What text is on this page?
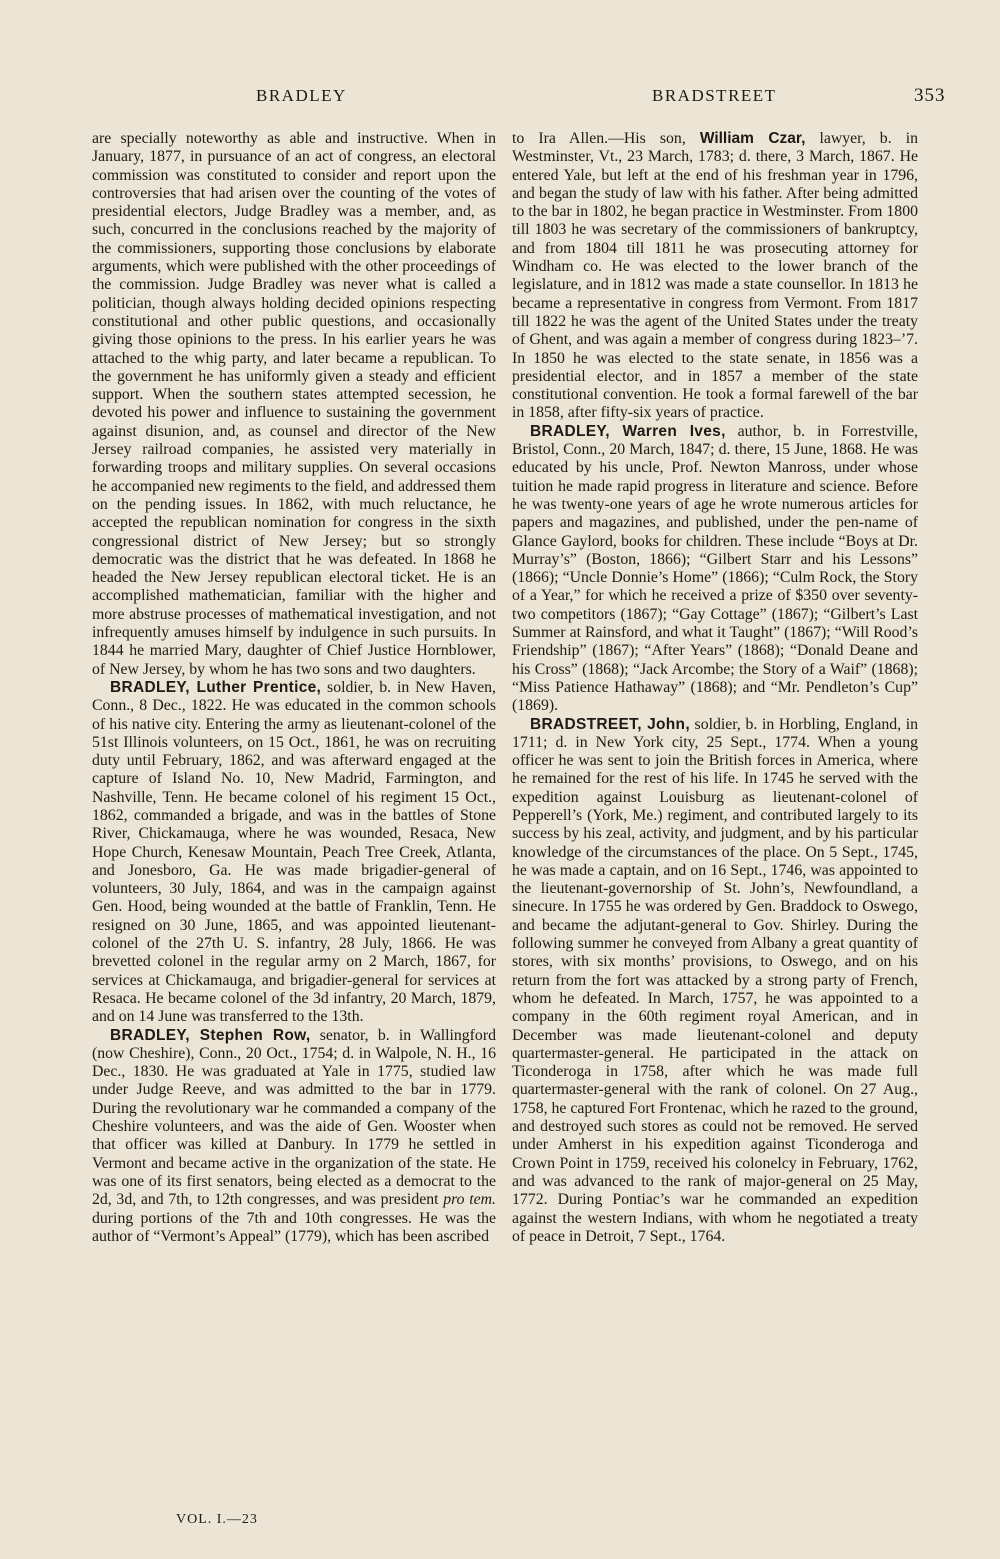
BRADLEY	BRADSTREET	353

are specially noteworthy as able and instructive. When in January, 1877, in pursuance of an act of congress, an electoral commission was constituted to consider and report upon the controversies that had arisen over the counting of the votes of presidential electors, Judge Bradley was a member, and, as such, concurred in the conclusions reached by the majority of the commissioners, supporting those conclusions by elaborate arguments, which were published with the other proceedings of the commission. Judge Bradley was never what is called a politician, though always holding decided opinions respecting constitutional and other public questions, and occasionally giving those opinions to the press. In his earlier years he was attached to the whig party, and later became a republican. To the government he has uniformly given a steady and efficient support. When the southern states attempted secession, he devoted his power and influence to sustaining the government against disunion, and, as counsel and director of the New Jersey railroad companies, he assisted very materially in forwarding troops and military supplies. On several occasions he accompanied new regiments to the field, and addressed them on the pending issues. In 1862, with much reluctance, he accepted the republican nomination for congress in the sixth congressional district of New Jersey; but so strongly democratic was the district that he was defeated. In 1868 he headed the New Jersey republican electoral ticket. He is an accomplished mathematician, familiar with the higher and more abstruse processes of mathematical investigation, and not infrequently amuses himself by indulgence in such pursuits. In 1844 he married Mary, daughter of Chief Justice Hornblower, of New Jersey, by whom he has two sons and two daughters.

BRADLEY, Luther Prentice, soldier, b. in New Haven, Conn., 8 Dec., 1822. He was educated in the common schools of his native city. Entering the army as lieutenant-colonel of the 51st Illinois volunteers, on 15 Oct., 1861, he was on recruiting duty until February, 1862, and was afterward engaged at the capture of Island No. 10, New Madrid, Farmington, and Nashville, Tenn. He became colonel of his regiment 15 Oct., 1862, commanded a brigade, and was in the battles of Stone River, Chickamauga, where he was wounded, Resaca, New Hope Church, Kenesaw Mountain, Peach Tree Creek, Atlanta, and Jonesboro, Ga. He was made brigadier-general of volunteers, 30 July, 1864, and was in the campaign against Gen. Hood, being wounded at the battle of Franklin, Tenn. He resigned on 30 June, 1865, and was appointed lieutenant-colonel of the 27th U. S. infantry, 28 July, 1866. He was brevetted colonel in the regular army on 2 March, 1867, for services at Chickamauga, and brigadier-general for services at Resaca. He became colonel of the 3d infantry, 20 March, 1879, and on 14 June was transferred to the 13th.

BRADLEY, Stephen Row, senator, b. in Wallingford (now Cheshire), Conn., 20 Oct., 1754; d. in Walpole, N. H., 16 Dec., 1830. He was graduated at Yale in 1775, studied law under Judge Reeve, and was admitted to the bar in 1779. During the revolutionary war he commanded a company of the Cheshire volunteers, and was the aide of Gen. Wooster when that officer was killed at Danbury. In 1779 he settled in Vermont and became active in the organization of the state. He was one of its first senators, being elected as a democrat to the 2d, 3d, and 7th, to 12th congresses, and was president pro tem. during portions of the 7th and 10th congresses. He was the author of “Vermont’s Appeal” (1779), which has been ascribed

to Ira Allen.—His son, William Czar, lawyer, b. in Westminster, Vt., 23 March, 1783; d. there, 3 March, 1867. He entered Yale, but left at the end of his freshman year in 1796, and began the study of law with his father. After being admitted to the bar in 1802, he began practice in Westminster. From 1800 till 1803 he was secretary of the commissioners of bankruptcy, and from 1804 till 1811 he was prosecuting attorney for Windham co. He was elected to the lower branch of the legislature, and in 1812 was made a state counsellor. In 1813 he became a representative in congress from Vermont. From 1817 till 1822 he was the agent of the United States under the treaty of Ghent, and was again a member of congress during 1823–’7. In 1850 he was elected to the state senate, in 1856 was a presidential elector, and in 1857 a member of the state constitutional convention. He took a formal farewell of the bar in 1858, after fifty-six years of practice.

BRADLEY, Warren Ives, author, b. in Forrestville, Bristol, Conn., 20 March, 1847; d. there, 15 June, 1868. He was educated by his uncle, Prof. Newton Manross, under whose tuition he made rapid progress in literature and science. Before he was twenty-one years of age he wrote numerous articles for papers and magazines, and published, under the pen-name of Glance Gaylord, books for children. These include “Boys at Dr. Murray’s” (Boston, 1866); “Gilbert Starr and his Lessons” (1866); “Uncle Donnie’s Home” (1866); “Culm Rock, the Story of a Year,” for which he received a prize of $350 over seventy-two competitors (1867); “Gay Cottage” (1867); “Gilbert’s Last Summer at Rainsford, and what it Taught” (1867); “Will Rood’s Friendship” (1867); “After Years” (1868); “Donald Deane and his Cross” (1868); “Jack Arcombe; the Story of a Waif” (1868); “Miss Patience Hathaway” (1868); and “Mr. Pendleton’s Cup” (1869).

BRADSTREET, John, soldier, b. in Horbling, England, in 1711; d. in New York city, 25 Sept., 1774. When a young officer he was sent to join the British forces in America, where he remained for the rest of his life. In 1745 he served with the expedition against Louisburg as lieutenant-colonel of Pepperell’s (York, Me.) regiment, and contributed largely to its success by his zeal, activity, and judgment, and by his particular knowledge of the circumstances of the place. On 5 Sept., 1745, he was made a captain, and on 16 Sept., 1746, was appointed to the lieutenant-governorship of St. John’s, Newfoundland, a sinecure. In 1755 he was ordered by Gen. Braddock to Oswego, and became the adjutant-general to Gov. Shirley. During the following summer he conveyed from Albany a great quantity of stores, with six months’ provisions, to Oswego, and on his return from the fort was attacked by a strong party of French, whom he defeated. In March, 1757, he was appointed to a company in the 60th regiment royal American, and in December was made lieutenant-colonel and deputy quartermaster-general. He participated in the attack on Ticonderoga in 1758, after which he was made full quartermaster-general with the rank of colonel. On 27 Aug., 1758, he captured Fort Frontenac, which he razed to the ground, and destroyed such stores as could not be removed. He served under Amherst in his expedition against Ticonderoga and Crown Point in 1759, received his colonelcy in February, 1762, and was advanced to the rank of major-general on 25 May, 1772. During Pontiac’s war he commanded an expedition against the western Indians, with whom he negotiated a treaty of peace in Detroit, 7 Sept., 1764.

VOL. I.—23
